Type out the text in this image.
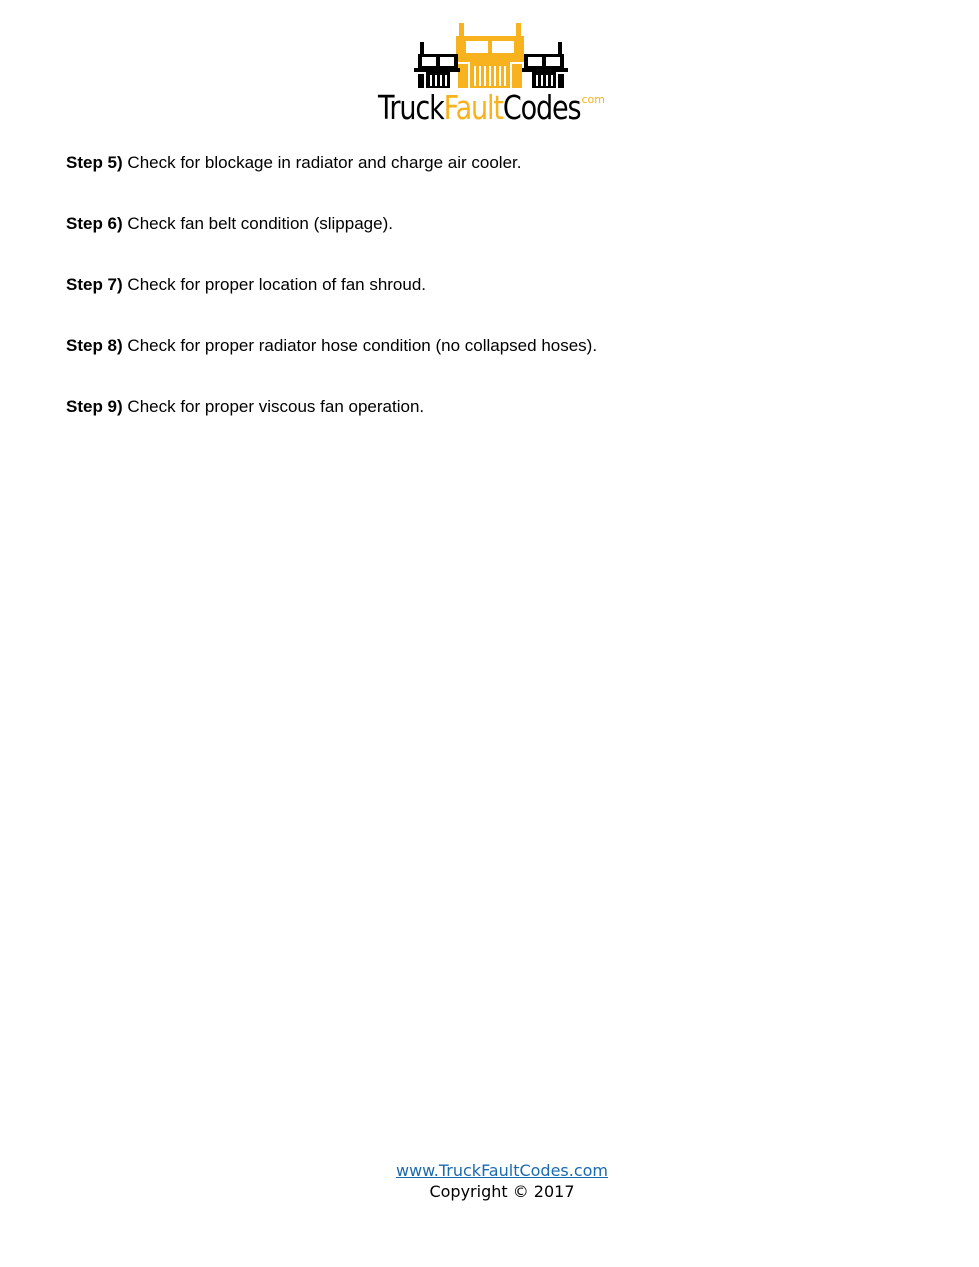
TruckFaultCodes
.com
Step 5) Check for blockage in radiator and charge air cooler.
Step 6) Check fan belt condition (slippage).
Step 7) Check for proper location of fan shroud.
Step 8) Check for proper radiator hose condition (no collapsed hoses).
Step 9) Check for proper viscous fan operation.
www.TruckFaultCodes.com
Copyright © 2017
